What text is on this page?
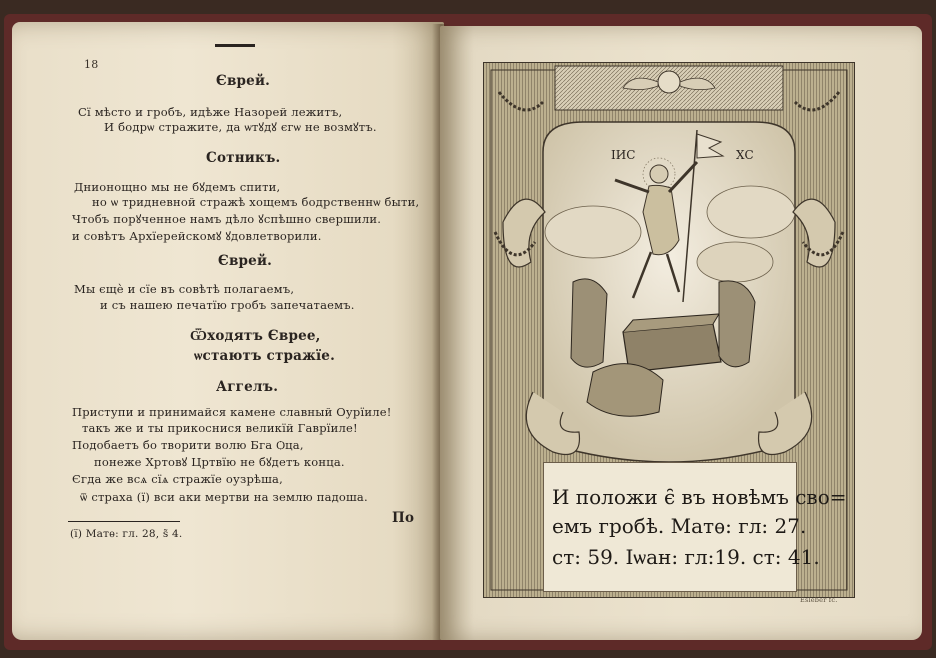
18
Єврей.
Сї мѣсто и гробъ, идѣже Назорей лежитъ,
И бодрѡ стражите, да ѡтꙋдꙋ єгѡ не возмꙋтъ.
Сотникъ.
Днионощно мы не бꙋдемъ спити,
но ѡ тридневной стражѣ хощемъ бодрственнѡ быти,
Чтобъ порꙋченное намъ дѣло ꙋспѣшно свершили.
и совѣтъ Архїерейскомꙋ ꙋдовлетворили.
Єврей.
Мы єщѐ и сїе въ совѣтѣ полагаемъ,
и съ нашею печатїю гробъ запечатаемъ.
Ѿходятъ Єврее,
ѡстаютъ стражїе.
Аггелъ.
Приступи и принимайся камене славный Оурїиле!
такъ же и ты прикоснися великїй Гаврїиле!
Подобаетъ бо творити волю Бга Ѻца,
понеже Хртовꙋ Цртвїю не бꙋдетъ конца.
Єгда же всѧ сїѧ стражїе оузрѣша,
ѿ страха (ї) вси аки мертви на землю падоша.
По
(ї) Матѳ: гл. 28, ѕ̃ 4.
IИС	ХС
И положи є̑ въ новѣмъ сво=
емъ гробѣ. Матѳ: гл: 27.
ст: 59. Іѡан: гл:19. ст: 41.
Esleber fc.
